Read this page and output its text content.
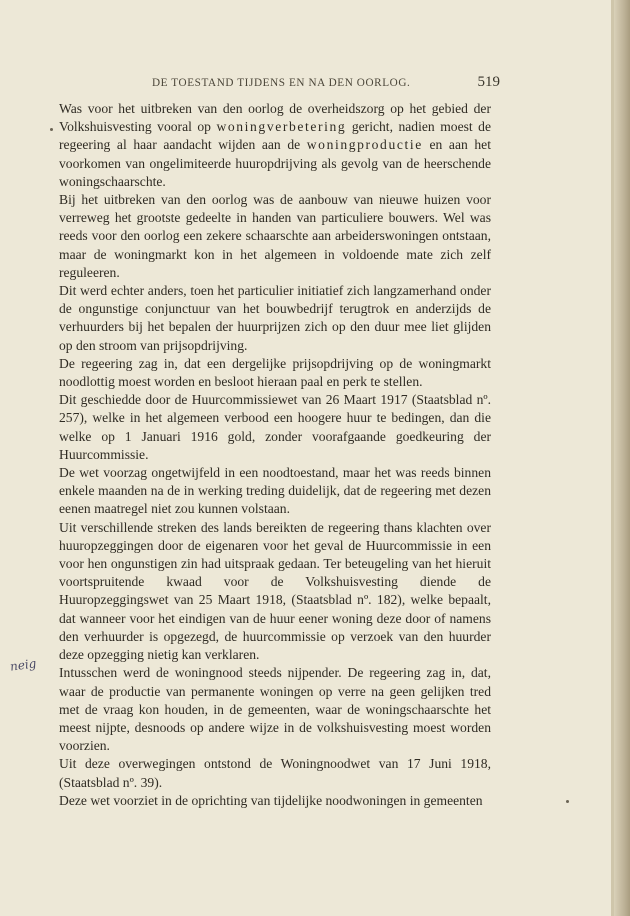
DE TOESTAND TIJDENS EN NA DEN OORLOG.	519

Was voor het uitbreken van den oorlog de overheidszorg op het gebied der Volkshuisvesting vooral op woningverbetering gericht, nadien moest de regeering al haar aandacht wijden aan de woningproductie en aan het voorkomen van ongelimiteerde huuropdrijving als gevolg van de heerschende woningschaarschte.

Bij het uitbreken van den oorlog was de aanbouw van nieuwe huizen voor verreweg het grootste gedeelte in handen van particuliere bouwers. Wel was reeds voor den oorlog een zekere schaarschte aan arbeiderswoningen ontstaan, maar de woningmarkt kon in het algemeen in voldoende mate zich zelf reguleeren.

Dit werd echter anders, toen het particulier initiatief zich langzamerhand onder de ongunstige conjunctuur van het bouwbedrijf terugtrok en anderzijds de verhuurders bij het bepalen der huurprijzen zich op den duur mee liet glijden op den stroom van prijsopdrijving.

De regeering zag in, dat een dergelijke prijsopdrijving op de woningmarkt noodlottig moest worden en besloot hieraan paal en perk te stellen.

Dit geschiedde door de Huurcommissiewet van 26 Maart 1917 (Staatsblad nº. 257), welke in het algemeen verbood een hoogere huur te bedingen, dan die welke op 1 Januari 1916 gold, zonder voorafgaande goedkeuring der Huurcommissie.

De wet voorzag ongetwijfeld in een noodtoestand, maar het was reeds binnen enkele maanden na de in werking treding duidelijk, dat de regeering met dezen eenen maatregel niet zou kunnen volstaan.

Uit verschillende streken des lands bereikten de regeering thans klachten over huuropzeggingen door de eigenaren voor het geval de Huurcommissie in een voor hen ongunstigen zin had uitspraak gedaan. Ter beteugeling van het hieruit voortspruitende kwaad voor de Volkshuisvesting diende de Huuropzeggingswet van 25 Maart 1918, (Staatsblad nº. 182), welke bepaalt, dat wanneer voor het eindigen van de huur eener woning deze door of namens den verhuurder is opgezegd, de huurcommissie op verzoek van den huurder deze opzegging nietig kan verklaren.

Intusschen werd de woningnood steeds nijpender. De regeering zag in, dat, waar de productie van permanente woningen op verre na geen gelijken tred met de vraag kon houden, in de gemeenten, waar de woningschaarschte het meest nijpte, desnoods op andere wijze in de volkshuisvesting moest worden voorzien.

Uit deze overwegingen ontstond de Woningnoodwet van 17 Juni 1918, (Staatsblad nº. 39).

Deze wet voorziet in de oprichting van tijdelijke noodwoningen in gemeenten

neig
